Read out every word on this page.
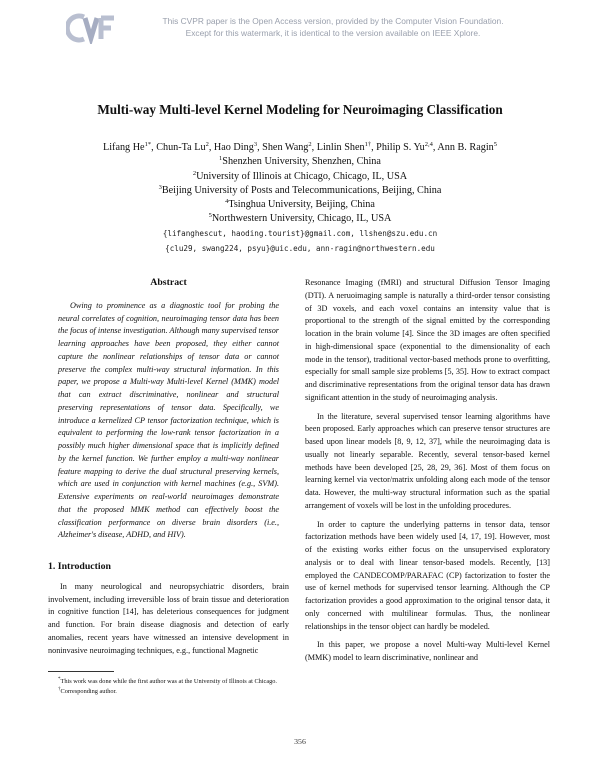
This CVPR paper is the Open Access version, provided by the Computer Vision Foundation.
Except for this watermark, it is identical to the version available on IEEE Xplore.
Multi-way Multi-level Kernel Modeling for Neuroimaging Classification
Lifang $He^{1*}$, Chun-Ta Lu$^2$, Hao Ding$^3$, Shen Wang$^2$, Linlin Shen$^{1\dagger}$, Philip S. Yu$^{2,4}$, Ann B. Ragin$^5$
$^1$Shenzhen University, Shenzhen, China
$^2$University of Illinois at Chicago, Chicago, IL, USA
$^3$Beijing University of Posts and Telecommunications, Beijing, China
$^4$Tsinghua University, Beijing, China
$^5$Northwestern University, Chicago, IL, USA
{lifanghescut, haoding.tourist}@gmail.com, llshen@szu.edu.cn
{clu29, swang224, psyu}@uic.edu, ann-ragin@northwestern.edu
Abstract

Owing to prominence as a diagnostic tool for probing the neural correlates of cognition, neuroimaging tensor data has been the focus of intense investigation. Although many supervised tensor learning approaches have been proposed, they either cannot capture the nonlinear relationships of tensor data or cannot preserve the complex multi-way structural information. In this paper, we propose a Multi-way Multi-level Kernel (MMK) model that can extract discriminative, nonlinear and structural preserving representations of tensor data. Specifically, we introduce a kernelized CP tensor factorization technique, which is equivalent to performing the low-rank tensor factorization in a possibly much higher dimensional space that is implicitly defined by the kernel function. We further employ a multi-way nonlinear feature mapping to derive the dual structural preserving kernels, which are used in conjunction with kernel machines (e.g., SVM). Extensive experiments on real-world neuroimages demonstrate that the proposed MMK method can effectively boost the classification performance on diverse brain disorders (i.e., Alzheimer's disease, ADHD, and HIV).

1. Introduction

In many neurological and neuropsychiatric disorders, brain involvement, including irreversible loss of brain tissue and deterioration in cognitive function [14], has deleterious consequences for judgment and function. For brain disease diagnosis and detection of early anomalies, recent years have witnessed an intensive development in noninvasive neuroimaging techniques, e.g., functional Magnetic

*This work was done while the first author was at the University of Illinois at Chicago.
†Corresponding author.

Resonance Imaging (fMRI) and structural Diffusion Tensor Imaging (DTI). A neruoimaging sample is naturally a third-order tensor consisting of 3D voxels, and each voxel contains an intensity value that is proportional to the strength of the signal emitted by the corresponding location in the brain volume [4]. Since the 3D images are often specified in high-dimensional space (exponential to the dimensionality of each mode in the tensor), traditional vector-based methods prone to overfitting, especially for small sample size problems [5, 35]. How to extract compact and discriminative representations from the original tensor data has drawn significant attention in the study of neuroimaging analysis.

In the literature, several supervised tensor learning algorithms have been proposed. Early approaches which can preserve tensor structures are based upon linear models [8, 9, 12, 37], while the neuroimaging data is usually not linearly separable. Recently, several tensor-based kernel methods have been developed [25, 28, 29, 36]. Most of them focus on learning kernel via vector/matrix unfolding along each mode of the tensor data. However, the multi-way structural information such as the spatial arrangement of voxels will be lost in the unfolding procedures.

In order to capture the underlying patterns in tensor data, tensor factorization methods have been widely used [4, 17, 19]. However, most of the existing works either focus on the unsupervised exploratory analysis or to deal with linear tensor-based models. Recently, [13] employed the CANDECOMP/PARAFAC (CP) factorization to foster the use of kernel methods for supervised tensor learning. Although the CP factorization provides a good approximation to the original tensor data, it only concerned with multilinear formulas. Thus, the nonlinear relationships in the tensor object can hardly be modeled.

In this paper, we propose a novel Multi-way Multi-level Kernel (MMK) model to learn discriminative, nonlinear and

356
